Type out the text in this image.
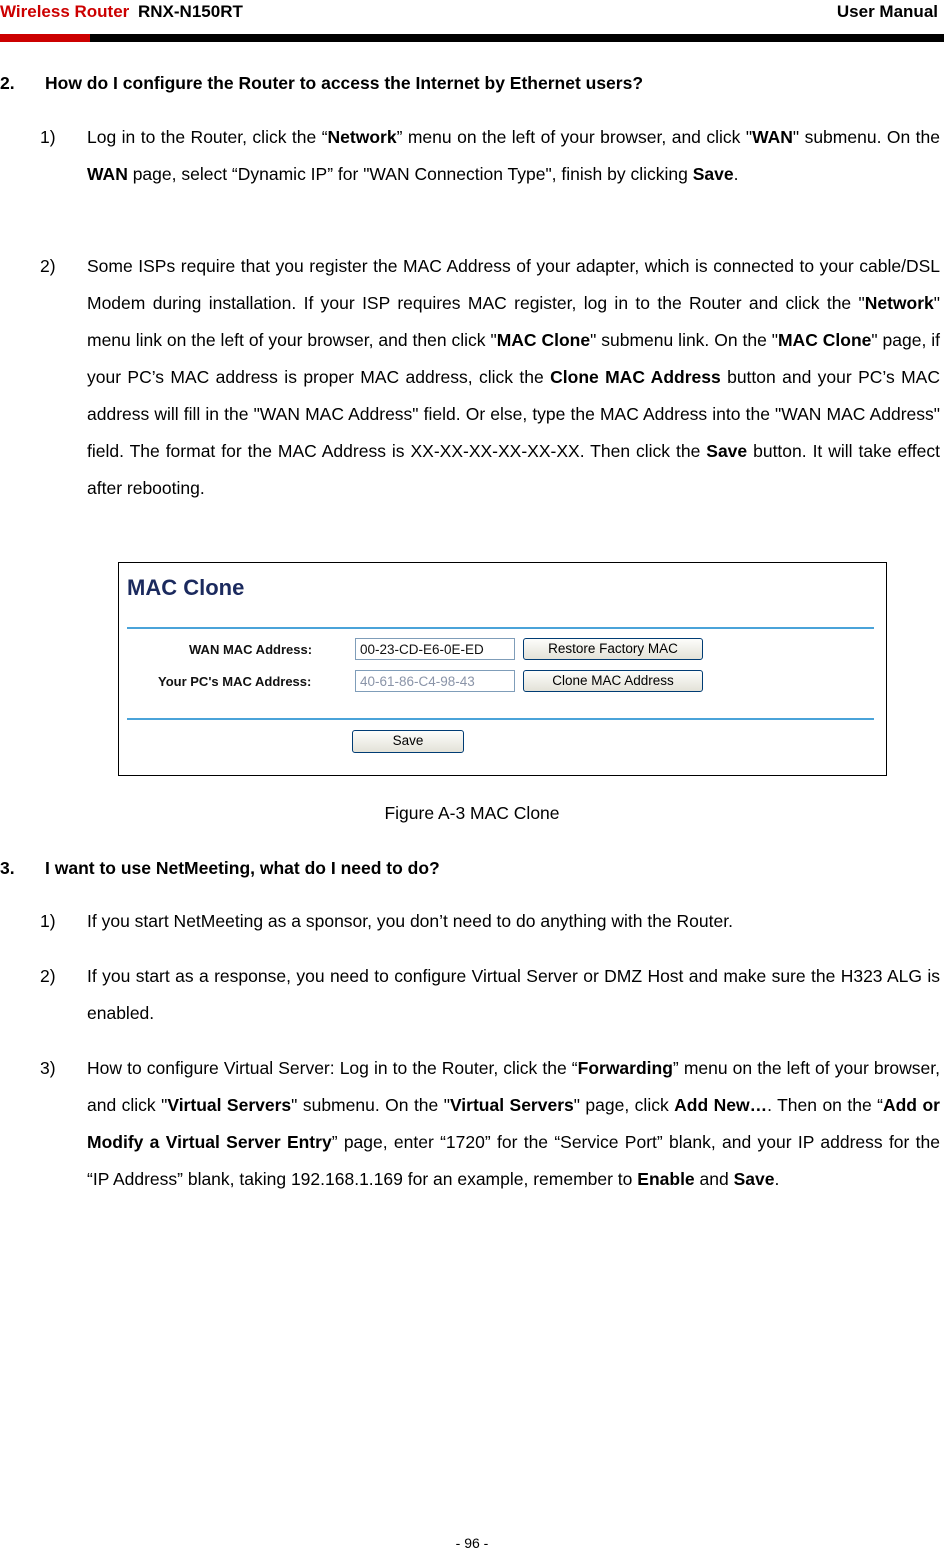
Wireless Router RNX-N150RT	User Manual
2. How do I configure the Router to access the Internet by Ethernet users?
1) Log in to the Router, click the “Network” menu on the left of your browser, and click "WAN" submenu. On the WAN page, select “Dynamic IP” for "WAN Connection Type", finish by clicking Save.
2) Some ISPs require that you register the MAC Address of your adapter, which is connected to your cable/DSL Modem during installation. If your ISP requires MAC register, log in to the Router and click the "Network" menu link on the left of your browser, and then click "MAC Clone" submenu link. On the "MAC Clone" page, if your PC’s MAC address is proper MAC address, click the Clone MAC Address button and your PC’s MAC address will fill in the "WAN MAC Address" field. Or else, type the MAC Address into the "WAN MAC Address" field. The format for the MAC Address is XX-XX-XX-XX-XX-XX. Then click the Save button. It will take effect after rebooting.
MAC Clone
WAN MAC Address:	00-23-CD-E6-0E-ED	Restore Factory MAC
Your PC's MAC Address:	40-61-86-C4-98-43	Clone MAC Address
Save
Figure A-3 MAC Clone
3. I want to use NetMeeting, what do I need to do?
1) If you start NetMeeting as a sponsor, you don’t need to do anything with the Router.
2) If you start as a response, you need to configure Virtual Server or DMZ Host and make sure the H323 ALG is enabled.
3) How to configure Virtual Server: Log in to the Router, click the “Forwarding” menu on the left of your browser, and click "Virtual Servers" submenu. On the "Virtual Servers" page, click Add New…. Then on the “Add or Modify a Virtual Server Entry” page, enter “1720” for the “Service Port” blank, and your IP address for the “IP Address” blank, taking 192.168.1.169 for an example, remember to Enable and Save.
- 96 -
